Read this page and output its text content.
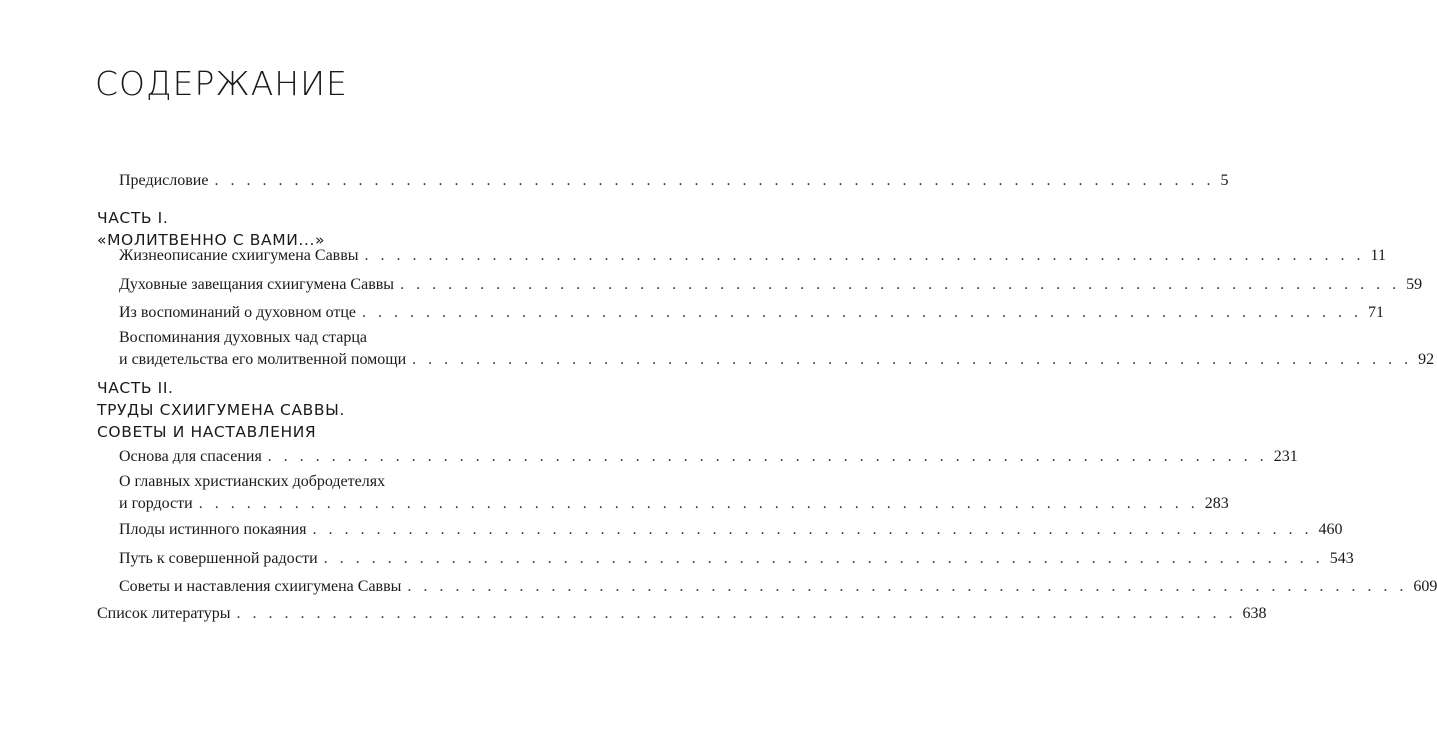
СОДЕРЖАНИЕ
Предисловие . . . . . . . . . . . . . . . . . . . . . . . . . . . . . . . . . . . . . . . . . . . . . . . . . . . . . . . . . . . . . . . 5
ЧАСТЬ I.
«МОЛИТВЕННО С ВАМИ...»
Жизнеописание схиигумена Саввы . . . . . . . . . . . . . . . . . . . . . . . . . . . . . . . . . . . . . . . . . . . . . . . . . . . . . . . . . . . . . . . 11
Духовные завещания схиигумена Саввы . . . . . . . . . . . . . . . . . . . . . . . . . . . . . . . . . . . . . . . . . . . . . . . . . . . . . . . . . . . . . . . 59
Из воспоминаний о духовном отце . . . . . . . . . . . . . . . . . . . . . . . . . . . . . . . . . . . . . . . . . . . . . . . . . . . . . . . . . . . . . . . 71
Воспоминания духовных чад старца
и свидетельства его молитвенной помощи . . . . . . . . . . . . . . . . . . . . . . . . . . . . . . . . . . . . . . . . . . . . . . . . . . . . . . . . . . . . . . . 92
ЧАСТЬ II.
ТРУДЫ СХИИГУМЕНА САВВЫ.
СОВЕТЫ И НАСТАВЛЕНИЯ
Основа для спасения . . . . . . . . . . . . . . . . . . . . . . . . . . . . . . . . . . . . . . . . . . . . . . . . . . . . . . . . . . . . . . . 231
О главных христианских добродетелях
и гордости . . . . . . . . . . . . . . . . . . . . . . . . . . . . . . . . . . . . . . . . . . . . . . . . . . . . . . . . . . . . . . . 283
Плоды истинного покаяния . . . . . . . . . . . . . . . . . . . . . . . . . . . . . . . . . . . . . . . . . . . . . . . . . . . . . . . . . . . . . . . 460
Путь к совершенной радости . . . . . . . . . . . . . . . . . . . . . . . . . . . . . . . . . . . . . . . . . . . . . . . . . . . . . . . . . . . . . . . 543
Советы и наставления схиигумена Саввы . . . . . . . . . . . . . . . . . . . . . . . . . . . . . . . . . . . . . . . . . . . . . . . . . . . . . . . . . . . . . . . 609
Список литературы . . . . . . . . . . . . . . . . . . . . . . . . . . . . . . . . . . . . . . . . . . . . . . . . . . . . . . . . . . . . . . . 638
